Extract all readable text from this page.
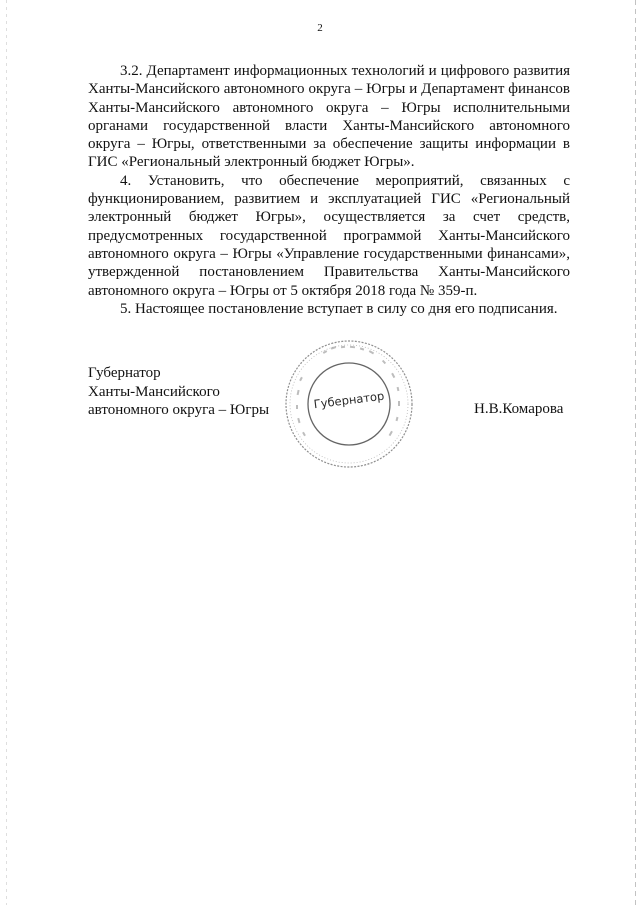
2

3.2. Департамент информационных технологий и цифрового развития Ханты-Мансийского автономного округа – Югры и Департамент финансов Ханты-Мансийского автономного округа – Югры исполнительными органами государственной власти Ханты-Мансийского автономного округа – Югры, ответственными за обеспечение защиты информации в ГИС «Региональный электронный бюджет Югры».

4. Установить, что обеспечение мероприятий, связанных с функционированием, развитием и эксплуатацией ГИС «Региональный электронный бюджет Югры», осуществляется за счет средств, предусмотренных государственной программой Ханты-Мансийского автономного округа – Югры «Управление государственными финансами», утвержденной постановлением Правительства Ханты-Мансийского автономного округа – Югры от 5 октября 2018 года № 359-п.

5. Настоящее постановление вступает в силу со дня его подписания.

Губернатор
Ханты-Мансийского
автономного округа – Югры	Губернатор	Н.В.Комарова
